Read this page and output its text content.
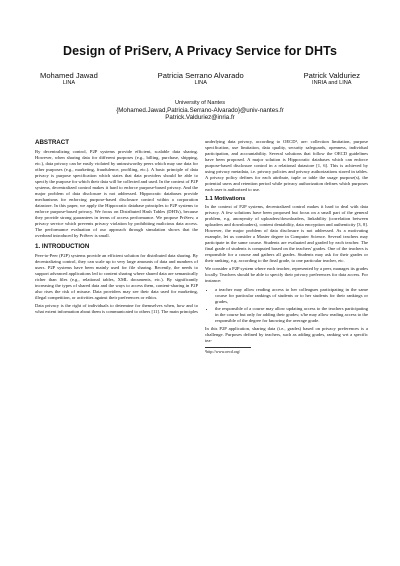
Design of PriServ, A Privacy Service for DHTs
Mohamed Jawad
LINA
Patricia Serrano Alvarado
LINA
Patrick Valduriez
INRIA and LINA
University of Nantes
{Mohamed.Jawad,Patricia.Serrano-Alvarado}@univ-nantes.fr
Patrick.Valduriez@inria.fr
ABSTRACT

By decentralizing control, P2P systems provide efficient, scalable data sharing. However, when sharing data for different purposes (e.g., billing, purchase, shipping, etc.), data privacy can be easily violated by untrustworthy peers which may use data for other purposes (e.g., marketing, fraudulence, profiling, etc.). A basic principle of data privacy is purpose specification which states that data providers should be able to specify the purpose for which their data will be collected and used. In the context of P2P systems, decentralized control makes it hard to enforce purpose-based privacy. And the major problem of data disclosure is not addressed. Hippocratic databases provide mechanisms for enforcing purpose-based disclosure control within a corporation datastore. In this paper, we apply the Hippocratic database principles to P2P systems to enforce purpose-based privacy. We focus on Distributed Hash Tables (DHTs), because they provide strong guarantees in terms of access performance. We propose PriServ, a privacy service which prevents privacy violation by prohibiting malicious data access. The performance evaluation of our approach through simulation shows that the overhead introduced by PriServ is small.

1. INTRODUCTION

Peer-to-Peer (P2P) systems provide an efficient solution for distributed data sharing. By decentralizing control, they can scale up to very large amounts of data and numbers of users. P2P systems have been mainly used for file sharing. Recently, the needs to support advanced applications led to content sharing where shared data are semantically richer than files (e.g., relational tables, XML documents, etc.). By significantly increasing the types of shared data and the ways to access them, content-sharing in P2P also rises the risk of misuse. Data providers may see their data used for marketing, illegal competition, or activities against their preferences or ethics.

Data privacy is the right of individuals to determine for themselves when, how and to what extent information about them is communicated to others [11]. The main principles

underlying data privacy, according to OECD¹, are: collection limitation, purpose specification, use limitation, data quality, security safeguards, openness, individual participation, and accountability. Several solutions that follow the OECD guidelines have been proposed. A major solution is Hippocratic databases which can enforce purpose-based disclosure control in a relational datastore [1, 6]. This is achieved by using privacy metadata, i.e. privacy policies and privacy authorizations stored in tables. A privacy policy defines for each attribute, tuple or table the usage purpose(s), the potential users and retention period while privacy authorization defines which purposes each user is authorized to use.

1.1 Motivations

In the context of P2P systems, decentralized control makes it hard to deal with data privacy. A few solutions have been proposed but focus on a small part of the general problem, e.g. anonymity of uploaders/downloaders, linkability (correlation between uploaders and downloaders), content deniability, data encryption and authenticity [3, 8]. However, the major problem of data disclosure is not addressed. As a motivating example, let us consider a Master degree in Computer Science. Several teachers may participate in the same course. Students are evaluated and graded by each teacher. The final grade of students is computed based on the teachers' grades. One of the teachers is responsible for a course and gathers all grades. Students may ask for their grades or their ranking, e.g. according to the final grade, to one particular teacher, etc.

We consider a P2P system where each teacher, represented by a peer, manages its grades locally. Teachers should be able to specify their privacy preferences for data access. For instance:

• a teacher may allow reading access to her colleagues participating in the same course for particular rankings of students or to her students for their rankings or grades,
• the responsible of a course may allow updating access to the teachers participating in the course but only for adding their grades; s/he may allow reading access to the responsible of the degree for knowing the average grade.

In this P2P application, sharing data (i.e., grades) based on privacy preferences is a challenge. Purposes defined by teachers, such as adding grades, ranking wrt a specific tea-

¹http://www.oecd.org/
